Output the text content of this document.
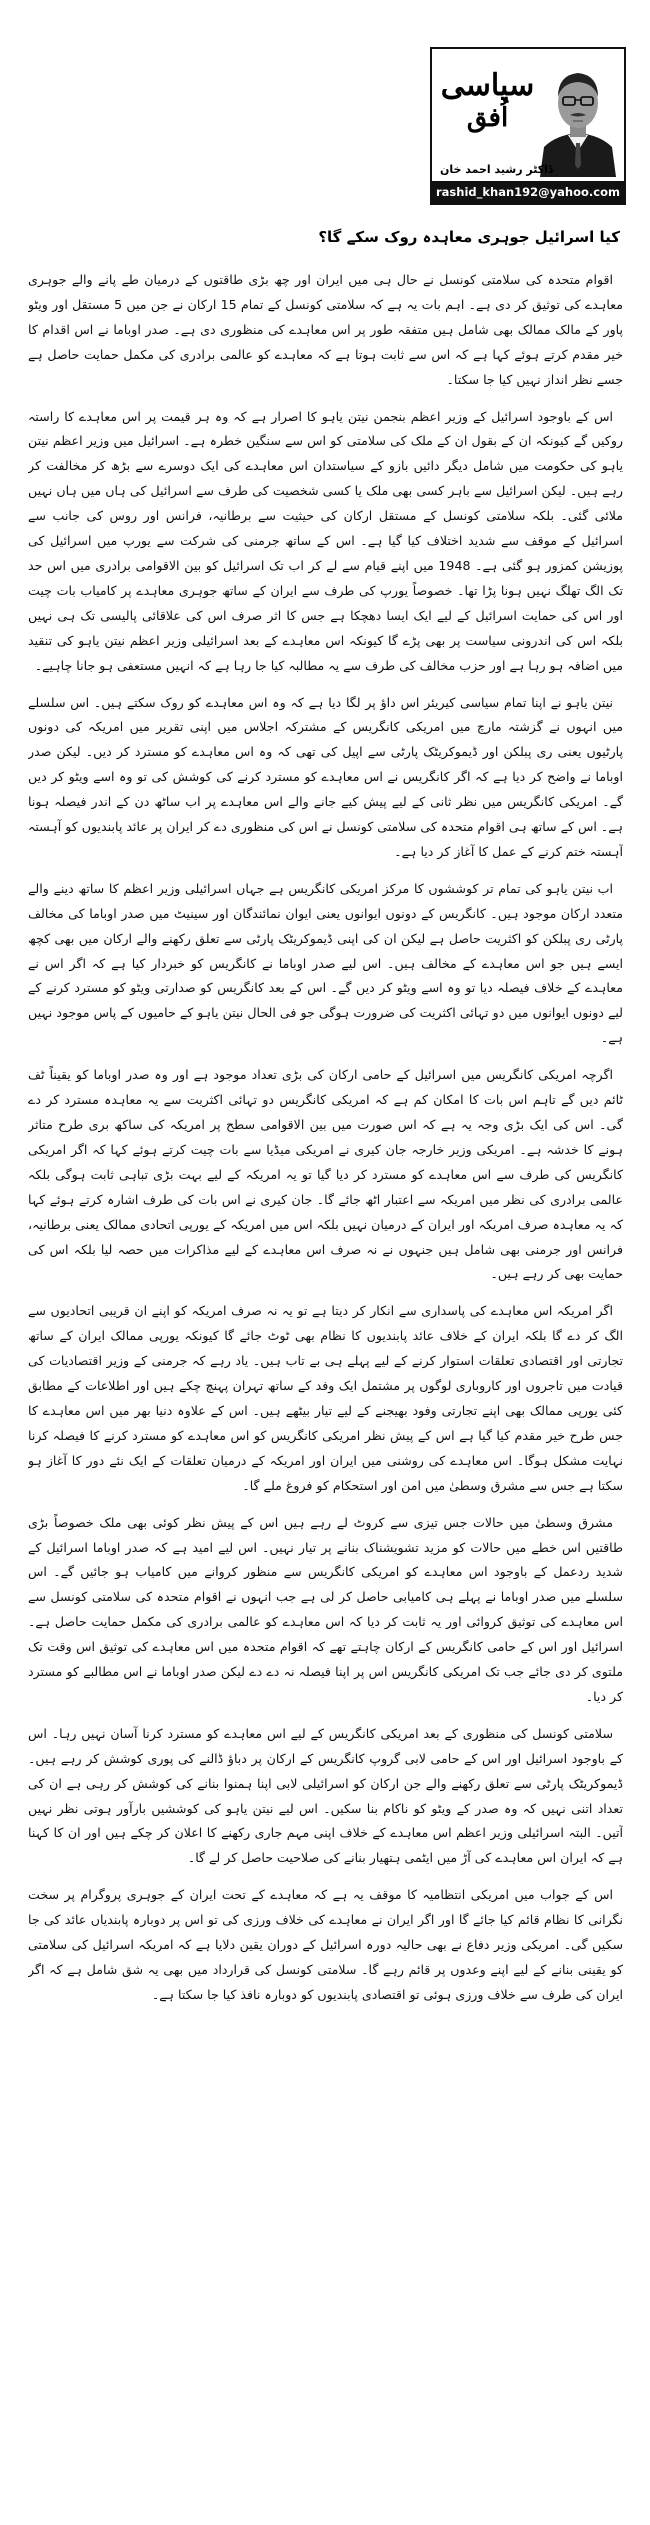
سیاسی
اُفق
ڈاکٹر رشید احمد خان
rashid_khan192@yahoo.com
کیا اسرائیل جوہری معاہدہ روک سکے گا؟

اقوام متحدہ کی سلامتی کونسل نے حال ہی میں ایران اور چھ بڑی طاقتوں کے درمیان طے پانے والے جوہری معاہدے کی توثیق کر دی ہے۔ اہم بات یہ ہے کہ سلامتی کونسل کے تمام 15 ارکان نے جن میں 5 مستقل اور ویٹو پاور کے مالک ممالک بھی شامل ہیں متفقہ طور پر اس معاہدے کی منظوری دی ہے۔ صدر اوباما نے اس اقدام کا خیر مقدم کرتے ہوئے کہا ہے کہ اس سے ثابت ہوتا ہے کہ معاہدے کو عالمی برادری کی مکمل حمایت حاصل ہے جسے نظر انداز نہیں کیا جا سکتا۔

اس کے باوجود اسرائیل کے وزیر اعظم بنجمن نیتن یاہو کا اصرار ہے کہ وہ ہر قیمت پر اس معاہدے کا راستہ روکیں گے کیونکہ ان کے بقول ان کے ملک کی سلامتی کو اس سے سنگین خطرہ ہے۔ اسرائیل میں وزیر اعظم نیتن یاہو کی حکومت میں شامل دیگر دائیں بازو کے سیاستدان اس معاہدے کی ایک دوسرے سے بڑھ کر مخالفت کر رہے ہیں۔ لیکن اسرائیل سے باہر کسی بھی ملک یا کسی شخصیت کی طرف سے اسرائیل کی ہاں میں ہاں نہیں ملائی گئی۔ بلکہ سلامتی کونسل کے مستقل ارکان کی حیثیت سے برطانیہ، فرانس اور روس کی جانب سے اسرائیل کے موقف سے شدید اختلاف کیا گیا ہے۔ اس کے ساتھ جرمنی کی شرکت سے یورپ میں اسرائیل کی پوزیشن کمزور ہو گئی ہے۔ 1948 میں اپنے قیام سے لے کر اب تک اسرائیل کو بین الاقوامی برادری میں اس حد تک الگ تھلگ نہیں ہونا پڑا تھا۔ خصوصاً یورپ کی طرف سے ایران کے ساتھ جوہری معاہدے پر کامیاب بات چیت اور اس کی حمایت اسرائیل کے لیے ایک ایسا دھچکا ہے جس کا اثر صرف اس کی علاقائی پالیسی تک ہی نہیں بلکہ اس کی اندرونی سیاست پر بھی پڑے گا کیونکہ اس معاہدے کے بعد اسرائیلی وزیر اعظم نیتن یاہو کی تنقید میں اضافہ ہو رہا ہے اور حزب مخالف کی طرف سے یہ مطالبہ کیا جا رہا ہے کہ انہیں مستعفی ہو جانا چاہیے۔

نیتن یاہو نے اپنا تمام سیاسی کیریئر اس داؤ پر لگا دیا ہے کہ وہ اس معاہدے کو روک سکتے ہیں۔ اس سلسلے میں انہوں نے گزشتہ مارچ میں امریکی کانگریس کے مشترکہ اجلاس میں اپنی تقریر میں امریکہ کی دونوں پارٹیوں یعنی ری پبلکن اور ڈیموکریٹک پارٹی سے اپیل کی تھی کہ وہ اس معاہدے کو مسترد کر دیں۔ لیکن صدر اوباما نے واضح کر دیا ہے کہ اگر کانگریس نے اس معاہدے کو مسترد کرنے کی کوشش کی تو وہ اسے ویٹو کر دیں گے۔ امریکی کانگریس میں نظر ثانی کے لیے پیش کیے جانے والے اس معاہدے پر اب ساٹھ دن کے اندر فیصلہ ہونا ہے۔ اس کے ساتھ ہی اقوام متحدہ کی سلامتی کونسل نے اس کی منظوری دے کر ایران پر عائد پابندیوں کو آہستہ آہستہ ختم کرنے کے عمل کا آغاز کر دیا ہے۔

اب نیتن یاہو کی تمام تر کوششوں کا مرکز امریکی کانگریس ہے جہاں اسرائیلی وزیر اعظم کا ساتھ دینے والے متعدد ارکان موجود ہیں۔ کانگریس کے دونوں ایوانوں یعنی ایوان نمائندگان اور سینیٹ میں صدر اوباما کی مخالف پارٹی ری پبلکن کو اکثریت حاصل ہے لیکن ان کی اپنی ڈیموکریٹک پارٹی سے تعلق رکھنے والے ارکان میں بھی کچھ ایسے ہیں جو اس معاہدے کے مخالف ہیں۔ اس لیے صدر اوباما نے کانگریس کو خبردار کیا ہے کہ اگر اس نے معاہدے کے خلاف فیصلہ دیا تو وہ اسے ویٹو کر دیں گے۔ اس کے بعد کانگریس کو صدارتی ویٹو کو مسترد کرنے کے لیے دونوں ایوانوں میں دو تہائی اکثریت کی ضرورت ہوگی جو فی الحال نیتن یاہو کے حامیوں کے پاس موجود نہیں ہے۔

اگرچہ امریکی کانگریس میں اسرائیل کے حامی ارکان کی بڑی تعداد موجود ہے اور وہ صدر اوباما کو یقیناً ٹف ٹائم دیں گے تاہم اس بات کا امکان کم ہے کہ امریکی کانگریس دو تہائی اکثریت سے یہ معاہدہ مسترد کر دے گی۔ اس کی ایک بڑی وجہ یہ ہے کہ اس صورت میں بین الاقوامی سطح پر امریکہ کی ساکھ بری طرح متاثر ہونے کا خدشہ ہے۔ امریکی وزیر خارجہ جان کیری نے امریکی میڈیا سے بات چیت کرتے ہوئے کہا کہ اگر امریکی کانگریس کی طرف سے اس معاہدے کو مسترد کر دیا گیا تو یہ امریکہ کے لیے بہت بڑی تباہی ثابت ہوگی بلکہ عالمی برادری کی نظر میں امریکہ سے اعتبار اٹھ جائے گا۔ جان کیری نے اس بات کی طرف اشارہ کرتے ہوئے کہا کہ یہ معاہدہ صرف امریکہ اور ایران کے درمیان نہیں بلکہ اس میں امریکہ کے یورپی اتحادی ممالک یعنی برطانیہ، فرانس اور جرمنی بھی شامل ہیں جنہوں نے نہ صرف اس معاہدے کے لیے مذاکرات میں حصہ لیا بلکہ اس کی حمایت بھی کر رہے ہیں۔

اگر امریکہ اس معاہدے کی پاسداری سے انکار کر دیتا ہے تو یہ نہ صرف امریکہ کو اپنے ان قریبی اتحادیوں سے الگ کر دے گا بلکہ ایران کے خلاف عائد پابندیوں کا نظام بھی ٹوٹ جائے گا کیونکہ یورپی ممالک ایران کے ساتھ تجارتی اور اقتصادی تعلقات استوار کرنے کے لیے پہلے ہی بے تاب ہیں۔ یاد رہے کہ جرمنی کے وزیر اقتصادیات کی قیادت میں تاجروں اور کاروباری لوگوں پر مشتمل ایک وفد کے ساتھ تہران پہنچ چکے ہیں اور اطلاعات کے مطابق کئی یورپی ممالک بھی اپنے تجارتی وفود بھیجنے کے لیے تیار بیٹھے ہیں۔ اس کے علاوہ دنیا بھر میں اس معاہدے کا جس طرح خیر مقدم کیا گیا ہے اس کے پیش نظر امریکی کانگریس کو اس معاہدے کو مسترد کرنے کا فیصلہ کرنا نہایت مشکل ہوگا۔ اس معاہدے کی روشنی میں ایران اور امریکہ کے درمیان تعلقات کے ایک نئے دور کا آغاز ہو سکتا ہے جس سے مشرق وسطیٰ میں امن اور استحکام کو فروغ ملے گا۔

مشرق وسطیٰ میں حالات جس تیزی سے کروٹ لے رہے ہیں اس کے پیش نظر کوئی بھی ملک خصوصاً بڑی طاقتیں اس خطے میں حالات کو مزید تشویشناک بنانے پر تیار نہیں۔ اس لیے امید ہے کہ صدر اوباما اسرائیل کے شدید ردعمل کے باوجود اس معاہدے کو امریکی کانگریس سے منظور کروانے میں کامیاب ہو جائیں گے۔ اس سلسلے میں صدر اوباما نے پہلے ہی کامیابی حاصل کر لی ہے جب انہوں نے اقوام متحدہ کی سلامتی کونسل سے اس معاہدے کی توثیق کروائی اور یہ ثابت کر دیا کہ اس معاہدے کو عالمی برادری کی مکمل حمایت حاصل ہے۔ اسرائیل اور اس کے حامی کانگریس کے ارکان چاہتے تھے کہ اقوام متحدہ میں اس معاہدے کی توثیق اس وقت تک ملتوی کر دی جائے جب تک امریکی کانگریس اس پر اپنا فیصلہ نہ دے دے لیکن صدر اوباما نے اس مطالبے کو مسترد کر دیا۔

سلامتی کونسل کی منظوری کے بعد امریکی کانگریس کے لیے اس معاہدے کو مسترد کرنا آسان نہیں رہا۔ اس کے باوجود اسرائیل اور اس کے حامی لابی گروپ کانگریس کے ارکان پر دباؤ ڈالنے کی پوری کوشش کر رہے ہیں۔ ڈیموکریٹک پارٹی سے تعلق رکھنے والے جن ارکان کو اسرائیلی لابی اپنا ہمنوا بنانے کی کوشش کر رہی ہے ان کی تعداد اتنی نہیں کہ وہ صدر کے ویٹو کو ناکام بنا سکیں۔ اس لیے نیتن یاہو کی کوششیں بارآور ہوتی نظر نہیں آتیں۔ البتہ اسرائیلی وزیر اعظم اس معاہدے کے خلاف اپنی مہم جاری رکھنے کا اعلان کر چکے ہیں اور ان کا کہنا ہے کہ ایران اس معاہدے کی آڑ میں ایٹمی ہتھیار بنانے کی صلاحیت حاصل کر لے گا۔

اس کے جواب میں امریکی انتظامیہ کا موقف یہ ہے کہ معاہدے کے تحت ایران کے جوہری پروگرام پر سخت نگرانی کا نظام قائم کیا جائے گا اور اگر ایران نے معاہدے کی خلاف ورزی کی تو اس پر دوبارہ پابندیاں عائد کی جا سکیں گی۔ امریکی وزیر دفاع نے بھی حالیہ دورہ اسرائیل کے دوران یقین دلایا ہے کہ امریکہ اسرائیل کی سلامتی کو یقینی بنانے کے لیے اپنے وعدوں پر قائم رہے گا۔ سلامتی کونسل کی قرارداد میں بھی یہ شق شامل ہے کہ اگر ایران کی طرف سے خلاف ورزی ہوئی تو اقتصادی پابندیوں کو دوبارہ نافذ کیا جا سکتا ہے۔
